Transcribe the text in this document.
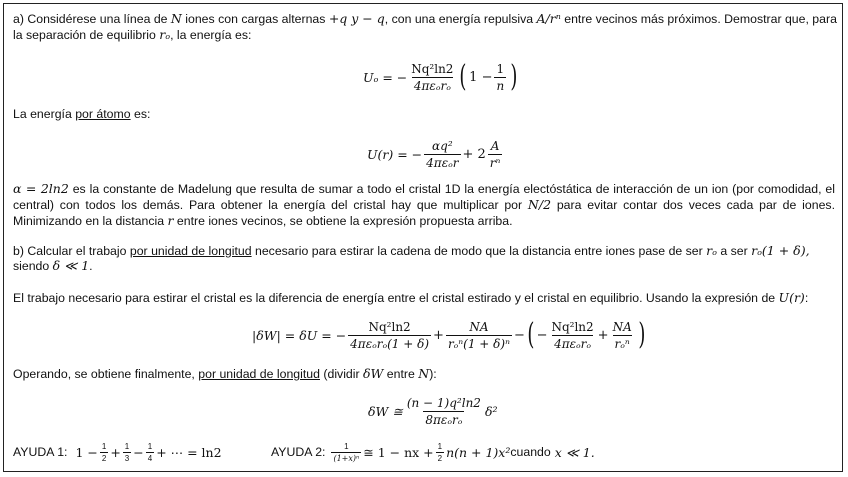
a) Considérese una línea de N iones con cargas alternas +q y − q, con una energía repulsiva A/rⁿ entre vecinos más próximos. Demostrar que, para
la separación de equilibrio rₒ, la energía es:
Uₒ = − $\frac{\text{Nq²ln2}}{\text{4πεₒrₒ}}$ ( $1 - \frac{1}{n}$ )
La energía por átomo es:
U(r) = − $\frac{\text{αq²}}{\text{4πεₒr}} + 2 \frac{A}{\text{rⁿ}}$
α = 2ln2 es la constante de Madelung que resulta de sumar a todo el cristal 1D la energía electóstática de interacción de un ion (por comodidad, el central) con todos los demás. Para obtener la energía del cristal hay que multiplicar por N/2 para evitar contar dos veces cada par de iones. Minimizando en la distancia r entre iones vecinos, se obtiene la expresión propuesta arriba.
b) Calcular el trabajo por unidad de longitud necesario para estirar la cadena de modo que la distancia entre iones pase de ser rₒ a ser rₒ(1 + δ),
siendo δ ≪ 1.
El trabajo necesario para estirar el cristal es la diferencia de energía entre el cristal estirado y el cristal en equilibrio. Usando la expresión de U(r):
|δW| = δU = − $\frac{\text{Nq²ln2}}{\text{4πεₒrₒ(1 + δ)}} + \frac{NA}{\text{rₒⁿ(1 + δ)ⁿ}}$ − ( − $\frac{\text{Nq²ln2}}{\text{4πεₒrₒ}} + \frac{NA}{\text{rₒⁿ}}$ )
Operando, se obtiene finalmente, por unidad de longitud (dividir δW entre N):
δW ≅ $\frac{\text{(n − 1)q²ln2}}{\text{8πεₒrₒ}} \delta^2$
AYUDA 1: $1 - \frac{1}{2} + \frac{1}{3} - \frac{1}{4}$ + ⋯ = ln2	AYUDA 2: $\frac{1}{\text{(1+x)ⁿ}}$ ≅ 1 − nx + $\frac{1}{2} n(n + 1)x^2$ cuando x ≪ 1.
